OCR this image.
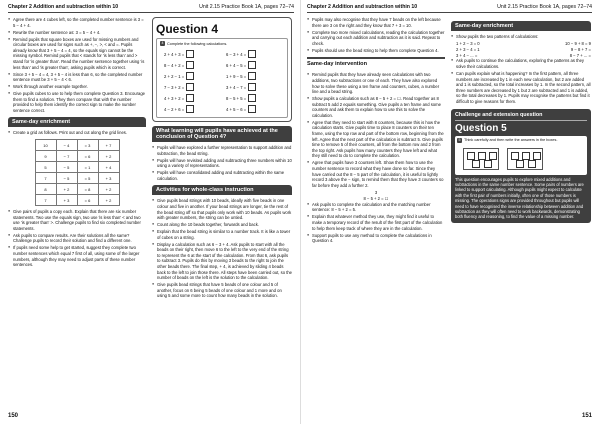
Chapter 2 Addition and subtraction within 10	Unit 2.15 Practice Book 1A, pages 72–74
● Agree there are 4 cubes left, so the completed number sentence is 3 = 5 − 4 + 4.
● Rewrite the number sentence as: 3 = 5 − 4 + 4.
● Remind pupils that square boxes are used for missing numbers and circular boxes are used for signs such as +, −, >, < and =. Pupils already know that 3 + 5 − 4 = 4, so the equals sign cannot be the missing symbol. Remind pupils that < stands for 'is less than' and > stand for 'is greater than'. Read the number sentence together using 'is less than' and 'is greater than', asking pupils which is correct.
● Since 3 + 5 − 4 = 4, 3 + 5 − 4 is less than 6, so the completed number sentence must be 3 + 5 − 4 < 6.
● Work through another example together.
● Give pupils cubes to use to help them complete Question 3. Encourage them to find a solution. They then compare that with the number provided to help them identify the correct sign to make the number sentence correct.
Same-day enrichment
● Create a grid as follows. Print out and cut along the grid lines.
10	− 4	= 3	+ 7
9	− 7	= 6	+ 2
5	− 5	= 1	+ 4
7	− 5	= 5	+ 3
8	+ 2	= 8	+ 2
7	+ 3	= 6	+ 2
● Give pairs of pupils a copy each. Explain that there are six number statements. Two use the equals sign, two use 'is less than' < and two use 'is greater than' >. Challenge pupils to find six completed number statements.
● Ask pupils to compare results. Are their solutions all the same? Challenge pupils to record their solution and find a different one.
● If pupils need some help to get started, suggest they complete two number sentences which equal 7 first of all, using some of the larger numbers, although they may need to adjust parts of these number sentences.
Question 4
4 Complete the following calculations.
2 + 4 + 3 =	6 − 3 + 4 =
8 − 4 + 2 =	6 + 4 − 5 =
2 + 2 − 1 =	1 + 9 − 5 =
7 − 3 + 2 =	3 + 4 − 7 =
4 + 3 + 2 =	8 − 5 + 5 =
4 − 2 + 6 =	4 + 5 − 6 =
What learning will pupils have achieved at the conclusion of Question 4?
● Pupils will have explored a further representation to support addition and subtraction, the bead string.
● Pupils will have revisited adding and subtracting three numbers within 10 using a variety of representations.
● Pupils will have consolidated adding and subtracting within the same calculation.
Activities for whole-class instruction
● Give pupils bead strings with 10 beads, ideally with five beads in one colour and five in another. If your bead strings are longer, tie the rest of the bead string off so that pupils only work with 10 beads. As pupils work with greater numbers, the string can be untied.
● Count along the 10 beads together, forwards and back.
● Explain that the bead string is similar to a number track. It is like a tower of cubes on a string.
● Display a calculation such as 6 − 3 + 4. Ask pupils to start with all the beads on their right, then move 6 to the left to the very end of the string to represent the 6 at the start of the calculation. From that 6, ask pupils to subtract 3. Pupils do this by moving 3 beads to the right to join the other beads there. The final step, + 4, is achieved by sliding 4 beads back to the left to join those there. All steps have been carried out, so the number of beads on the left is the solution to the calculation.
● Give pupils bead strings that have 5 beads of one colour and 5 of another, focus on 6 being 5 beads of one colour and 1 more and on using 5 and some more to count how many beads in the solution.
150
Chapter 2 Addition and subtraction within 10	Unit 2.15 Practice Book 1A, pages 72–74
● Pupils may also recognise that they have 7 beads on the left because there are 3 on the right and they know that 7 + 3 = 10.
● Complete two more mixed calculations, reading the calculation together and carrying out each addition and subtraction as it is said. Repeat to check.
● Pupils should use the bead string to help them complete Question 4.
Same-day intervention
● Remind pupils that they have already seen calculations with two additions, two subtractions or one of each. They have also explored how to solve these using a ten frame and counters, cubes, a number line and a bead string.
● Show pupils a calculation such as 8 − 5 + 2 = ☐. Read together as 8 subtract 5 add 2 equals something. Give pupils a ten frame and some counters and ask them to explain how to use this to solve the calculation.
● Agree that they need to start with 8 counters, because this is how the calculation starts. Give pupils time to place 8 counters on their ten frame, using the top row and part of the bottom row, beginning from the left. Agree that the next part of the calculation is subtract 5. Give pupils time to remove 5 of their counters, all from the bottom row and 2 from the top right. Ask pupils how many counters they have left and what they still need to do to complete the calculation.
● Agree that pupils have 3 counters left. Show them how to use the number sentence to record what they have done so far. Since they have carried out the 8 − 5 part of the calculation, it is useful to lightly record 3 above the − sign, to remind them that they have 3 counters so far before they add a further 2.
3
8 − 5 + 2 = ☐
● Ask pupils to complete the calculation and the matching number sentence: 8 − 5 + 2 = 5.
● Explain that whatever method they use, they might find it useful to make a temporary record of the result of the first part of the calculation to help them keep track of where they are in the calculation.
● Support pupils to use any method to complete the calculations in Question 4.
Same-day enrichment
● Show pupils the two patterns of calculations:
1 + 2 − 3 = 0	10 − 9 + 8 = 9
2 + 3 − 4 = 1	9 − 8 + 7 =
3 + 4 − ... =	8 − 7 + ... =
● Ask pupils to continue the calculations, exploring the patterns as they solve their calculations.
● Can pupils explain what is happening? In the first pattern, all three numbers are increased by 1 in each new calculation, but 2 are added and 1 is subtracted, so the total increases by 1. In the second pattern, all three numbers are decreased by 1 but 2 are subtracted and 1 is added, so the total decreases by 1. Pupils may recognise the patterns but find it difficult to give reasons for them.
Challenge and extension question
Question 5
5 Think carefully and then write the answers in the boxes.

This question encourages pupils to explore mixed additions and subtractions in the same number sentence. Some pairs of numbers are linked to support calculating. Although pupils might expect to calculate with the first pair of numbers initially, often one of those numbers is missing. The operations signs are provided throughout but pupils will need to have recognised the inverse relationship between addition and subtraction as they will often need to work backwards, demonstrating both fluency and reasoning, to find the value of a missing number.

151
